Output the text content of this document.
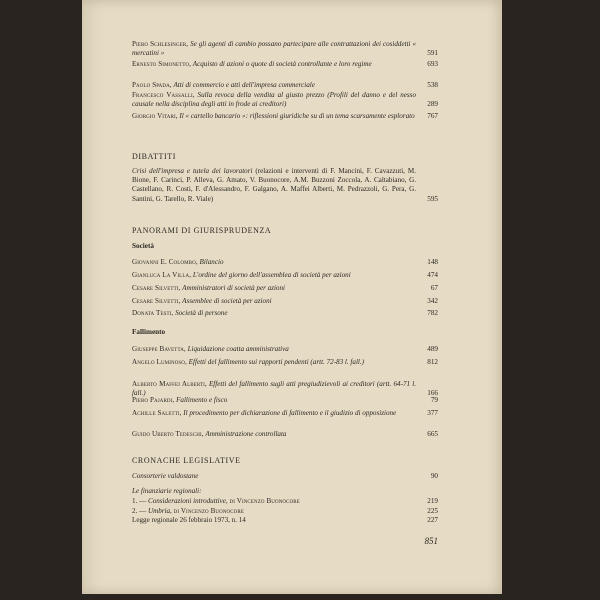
Piero Schlesinger, Se gli agenti di cambio possano partecipare alle contrattazioni dei cosiddetti « mercatini »	591
Ernesto Simonetto, Acquisto di azioni o quote di società controllante e loro regime	693
Paolo Spada, Atti di commercio e atti dell'impresa commerciale	538
Francesco Vassalli, Sulla revoca della vendita al giusto prezzo (Profili del danno e del nesso causale nella disciplina degli atti in frode ai creditori)	289
Giorgio Vitari, Il « cartello bancario »: riflessioni giuridiche su di un tema scarsamente esplorato	767
DIBATTITI
Crisi dell'impresa e tutela dei lavoratori (relazioni e interventi di F. Mancini, F. Cavazzuti, M. Bione, F. Carinci, P. Alleva, G. Amato, V. Buonocore, A.M. Buzzoni Zoccola, A. Caltabiano, G. Castellano, R. Costi, F. d'Alessandro, F. Galgano, A. Maffei Alberti, M. Pedrazzoli, G. Pera, G. Santini, G. Tarello, R. Viale)	595
PANORAMI DI GIURISPRUDENZA
Società
Giovanni E. Colombo, Bilancio	148
Gianluca La Villa, L'ordine del giorno dell'assemblea di società per azioni	474
Cesare Silvetti, Amministratori di società per azioni	67
Cesare Silvetti, Assemblee di società per azioni	342
Donata Testi, Società di persone	782
Fallimento
Giuseppe Bavetta, Liquidazione coatta amministrativa	489
Angelo Luminoso, Effetti del fallimento sui rapporti pendenti (artt. 72-83 l. fall.)	812
Alberto Maffei Alberti, Effetti del fallimento sugli atti pregiudizievoli ai creditori (artt. 64-71 l. fall.)	166
Piero Pajardi, Fallimento e fisco	79
Achille Saletti, Il procedimento per dichiarazione di fallimento e il giudizio di opposizione	377
Guido Uberto Tedeschi, Amministrazione controllata	665
CRONACHE LEGISLATIVE
Consorterie valdostane	90
Le finanziarie regionali:
1. — Considerazioni introduttive, di Vincenzo Buonocore	219
2. — Umbria, di Vincenzo Buonocore	225
Legge regionale 26 febbraio 1973, n. 14	227
851
